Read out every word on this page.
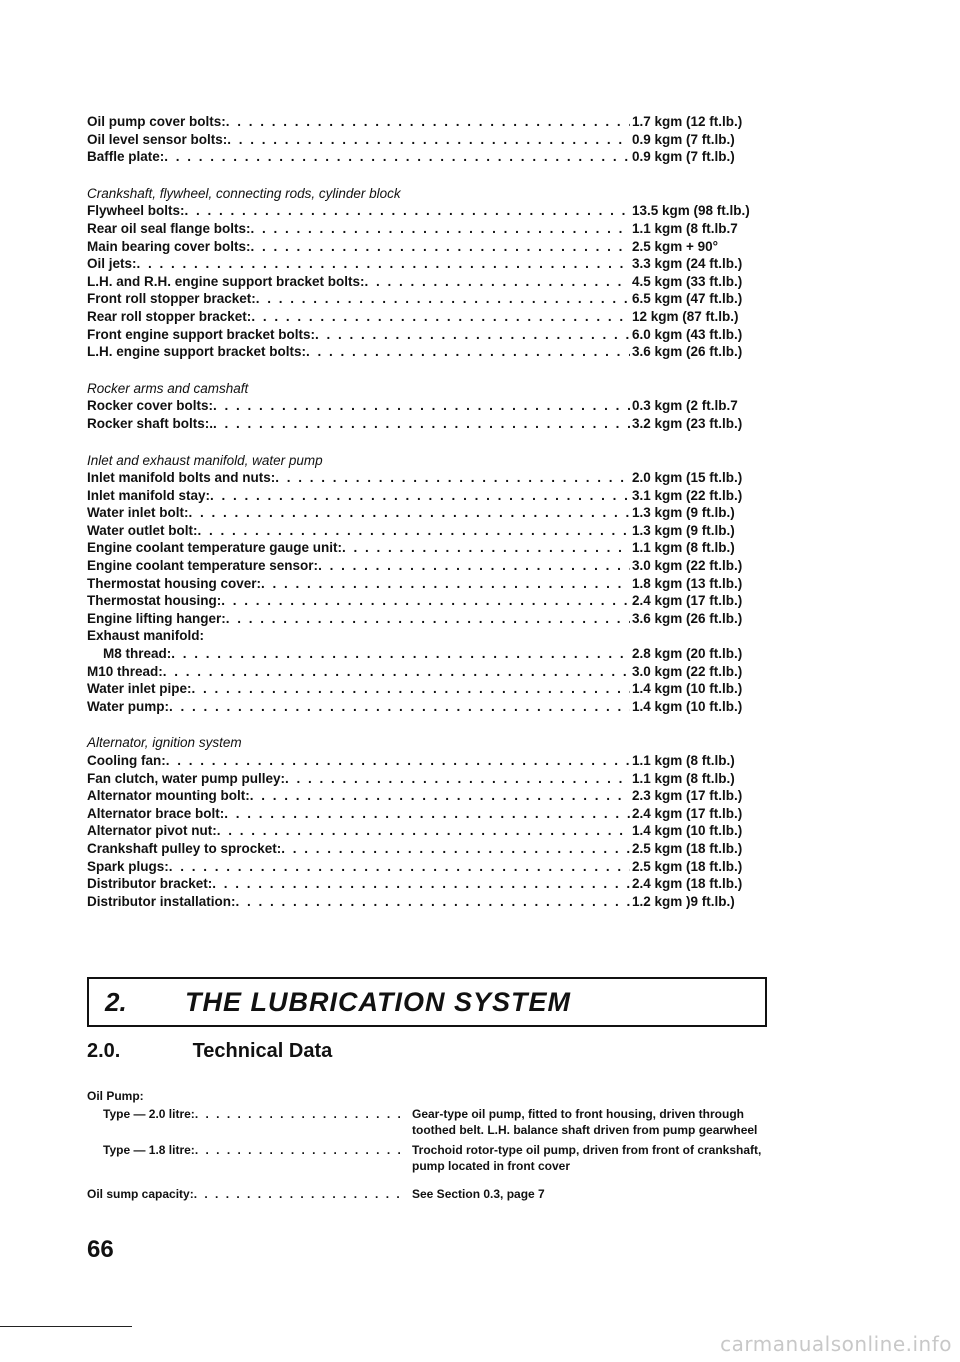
Oil pump cover bolts: . . .	1.7 kgm (12 ft.lb.)
Oil level sensor bolts: . . .	0.9 kgm (7 ft.lb.)
Baffle plate: . . .	0.9 kgm (7 ft.lb.)
Crankshaft, flywheel, connecting rods, cylinder block
Flywheel bolts: . . .	13.5 kgm (98 ft.lb.)
Rear oil seal flange bolts: . . .	1.1 kgm (8 ft.lb.7
Main bearing cover bolts: . . .	2.5 kgm + 90°
Oil jets: . . .	3.3 kgm (24 ft.lb.)
L.H. and R.H. engine support bracket bolts: . . .	4.5 kgm (33 ft.lb.)
Front roll stopper bracket: . . .	6.5 kgm (47 ft.lb.)
Rear roll stopper bracket: . . .	12 kgm (87 ft.lb.)
Front engine support bracket bolts: . . .	6.0 kgm (43 ft.lb.)
L.H. engine support bracket bolts: . . .	3.6 kgm (26 ft.lb.)
Rocker arms and camshaft
Rocker cover bolts: . . .	0.3 kgm (2 ft.lb.7
Rocker shaft bolts:. . . .	3.2 kgm (23 ft.lb.)
Inlet and exhaust manifold, water pump
Inlet manifold bolts and nuts: . . .	2.0 kgm (15 ft.lb.)
Inlet manifold stay: . . .	3.1 kgm (22 ft.lb.)
Water inlet bolt: . . .	1.3 kgm (9 ft.lb.)
Water outlet bolt: . . .	1.3 kgm (9 ft.lb.)
Engine coolant temperature gauge unit: . . .	1.1 kgm (8 ft.lb.)
Engine coolant temperature sensor: . . .	3.0 kgm (22 ft.lb.)
Thermostat housing cover: . . .	1.8 kgm (13 ft.lb.)
Thermostat housing: . . .	2.4 kgm (17 ft.lb.)
Engine lifting hanger: . . .	3.6 kgm (26 ft.lb.)
Exhaust manifold:
M8 thread: . . .	2.8 kgm (20 ft.lb.)
M10 thread: . . .	3.0 kgm (22 ft.lb.)
Water inlet pipe: . . .	1.4 kgm (10 ft.lb.)
Water pump: . . .	1.4 kgm (10 ft.lb.)
Alternator, ignition system
Cooling fan: . . .	1.1 kgm (8 ft.lb.)
Fan clutch, water pump pulley: . . .	1.1 kgm (8 ft.lb.)
Alternator mounting bolt: . . .	2.3 kgm (17 ft.lb.)
Alternator brace bolt: . . .	2.4 kgm (17 ft.lb.)
Alternator pivot nut: . . .	1.4 kgm (10 ft.lb.)
Crankshaft pulley to sprocket: . . .	2.5 kgm (18 ft.lb.)
Spark plugs: . . .	2.5 kgm (18 ft.lb.)
Distributor bracket: . . .	2.4 kgm (18 ft.lb.)
Distributor installation: . . .	1.2 kgm )9 ft.lb.)
2.	THE LUBRICATION SYSTEM
2.0.	Technical Data
Oil Pump:
Type — 2.0 litre: . . .	Gear-type oil pump, fitted to front housing, driven through toothed belt. L.H. balance shaft driven from pump gearwheel
Type — 1.8 litre: . . .	Trochoid rotor-type oil pump, driven from front of crankshaft, pump located in front cover
Oil sump capacity: . . .	See Section 0.3, page 7
66
carmanualsonline.info
